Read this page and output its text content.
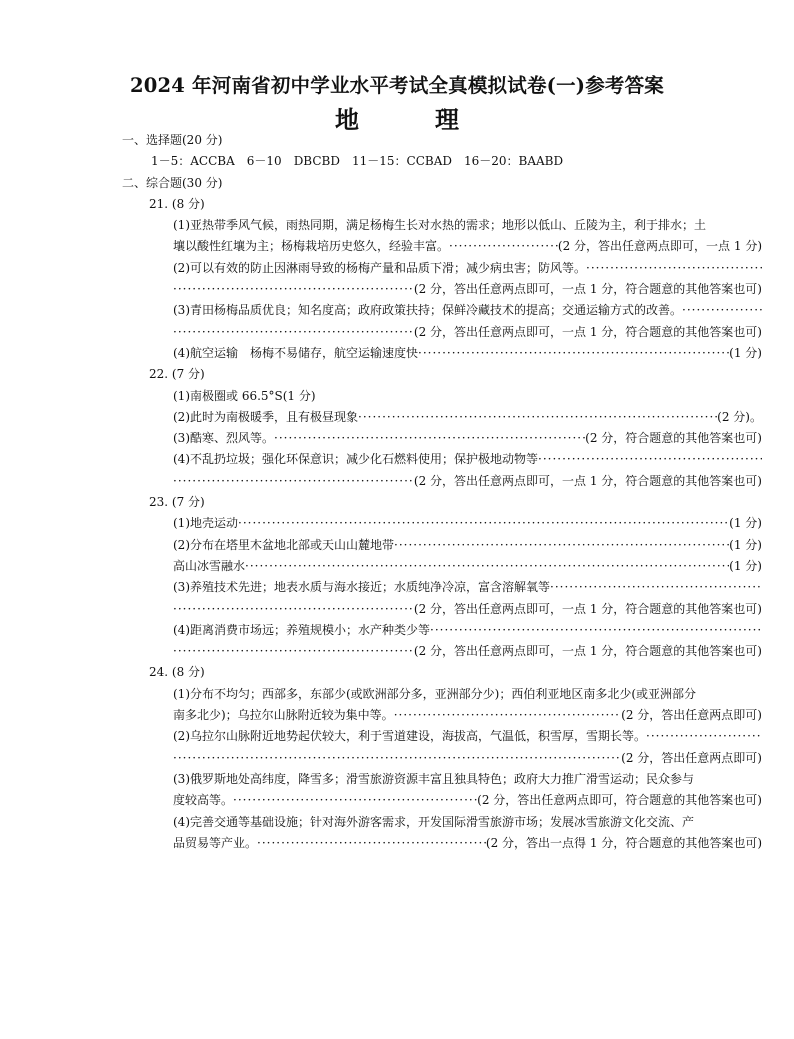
2024 年河南省初中学业水平考试全真模拟试卷(一)参考答案
地　理
一、选择题(20 分)
1－5：ACCBA　6－10　DBCBD　11－15：CCBAD　16－20：BAABD
二、综合题(30 分)
21. (8 分)
(1)亚热带季风气候，雨热同期，满足杨梅生长对水热的需求；地形以低山、丘陵为主，利于排水；土
壤以酸性红壤为主；杨梅栽培历史悠久，经验丰富。 ·····	(2 分，答出任意两点即可，一点 1 分)
(2)可以有效的防止因淋雨导致的杨梅产量和品质下滑；减少病虫害；防风等。
·····
·····
(2 分，答出任意两点即可，一点 1 分，符合题意的其他答案也可)
(3)青田杨梅品质优良；知名度高；政府政策扶持；保鲜冷藏技术的提高；交通运输方式的改善。
·····
·····
(2 分，答出任意两点即可，一点 1 分，符合题意的其他答案也可)
(4)航空运输　杨梅不易储存，航空运输速度快 ·····	(1 分)
22. (7 分)
(1)南极圈或 66.5°S(1 分)
(2)此时为南极暖季，且有极昼现象 ·····	(2 分)。
(3)酷寒、烈风等。 ·····	(2 分，符合题意的其他答案也可)
(4)不乱扔垃圾；强化环保意识；减少化石燃料使用；保护极地动物等
·····
·····
(2 分，答出任意两点即可，一点 1 分，符合题意的其他答案也可)
23. (7 分)
(1)地壳运动 ·····	(1 分)
(2)分布在塔里木盆地北部或天山山麓地带 ·····	(1 分)
高山冰雪融水 ·····	(1 分)
(3)养殖技术先进；地表水质与海水接近；水质纯净冷凉，富含溶解氧等
·····
·····
(2 分，答出任意两点即可，一点 1 分，符合题意的其他答案也可)
(4)距离消费市场远；养殖规模小；水产种类少等
·····
·····
(2 分，答出任意两点即可，一点 1 分，符合题意的其他答案也可)
24. (8 分)
(1)分布不均匀；西部多，东部少(或欧洲部分多，亚洲部分少)；西伯利亚地区南多北少(或亚洲部分
南多北少)；乌拉尔山脉附近较为集中等。 ·····	(2 分，答出任意两点即可)
(2)乌拉尔山脉附近地势起伏较大，利于雪道建设，海拔高，气温低，积雪厚，雪期长等。
·····
·····
(2 分，答出任意两点即可)
(3)俄罗斯地处高纬度，降雪多；滑雪旅游资源丰富且独具特色；政府大力推广滑雪运动；民众参与
度较高等。 ·····	(2 分，答出任意两点即可，符合题意的其他答案也可)
(4)完善交通等基础设施；针对海外游客需求，开发国际滑雪旅游市场；发展冰雪旅游文化交流、产
品贸易等产业。 ·····	(2 分，答出一点得 1 分，符合题意的其他答案也可)
